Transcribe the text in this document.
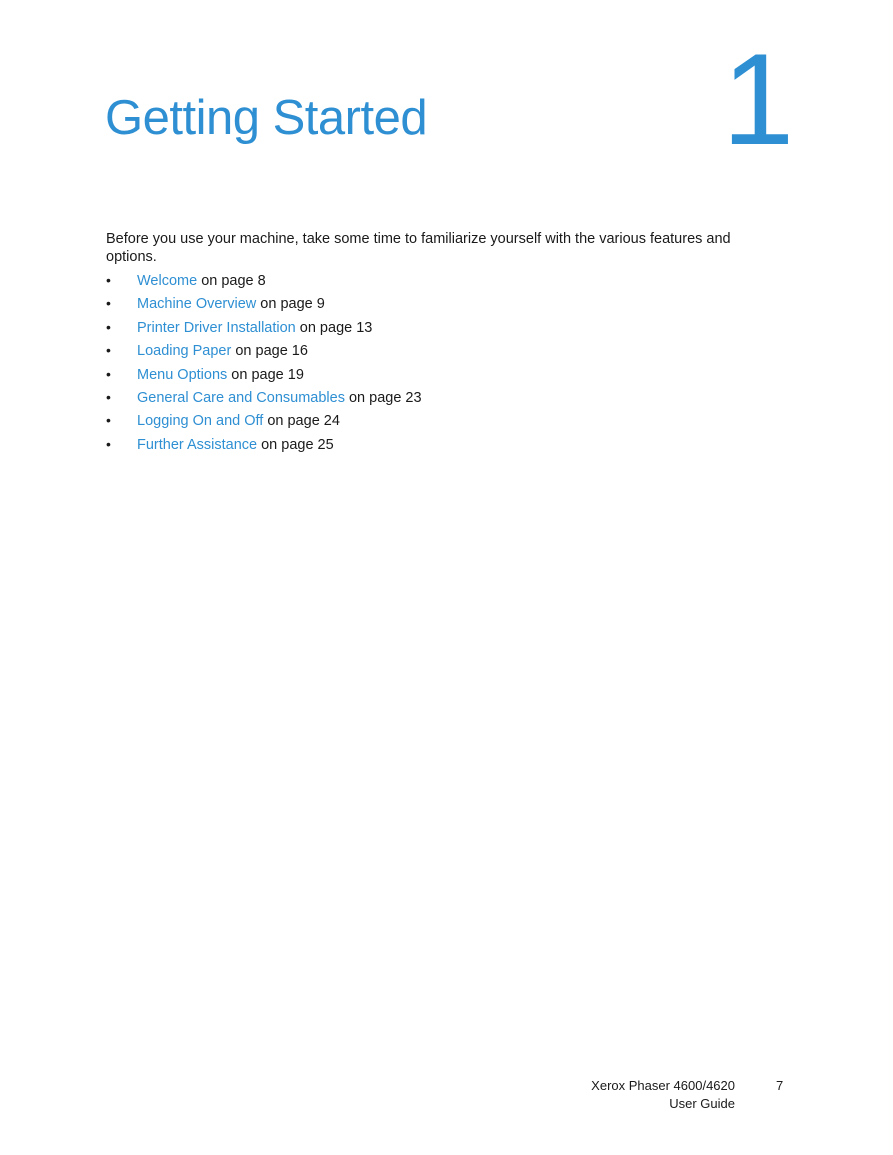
Getting Started 1

Before you use your machine, take some time to familiarize yourself with the various features and options.

•	Welcome on page 8
•	Machine Overview on page 9
•	Printer Driver Installation on page 13
•	Loading Paper on page 16
•	Menu Options on page 19
•	General Care and Consumables on page 23
•	Logging On and Off on page 24
•	Further Assistance on page 25
Xerox Phaser 4600/4620
User Guide
7
